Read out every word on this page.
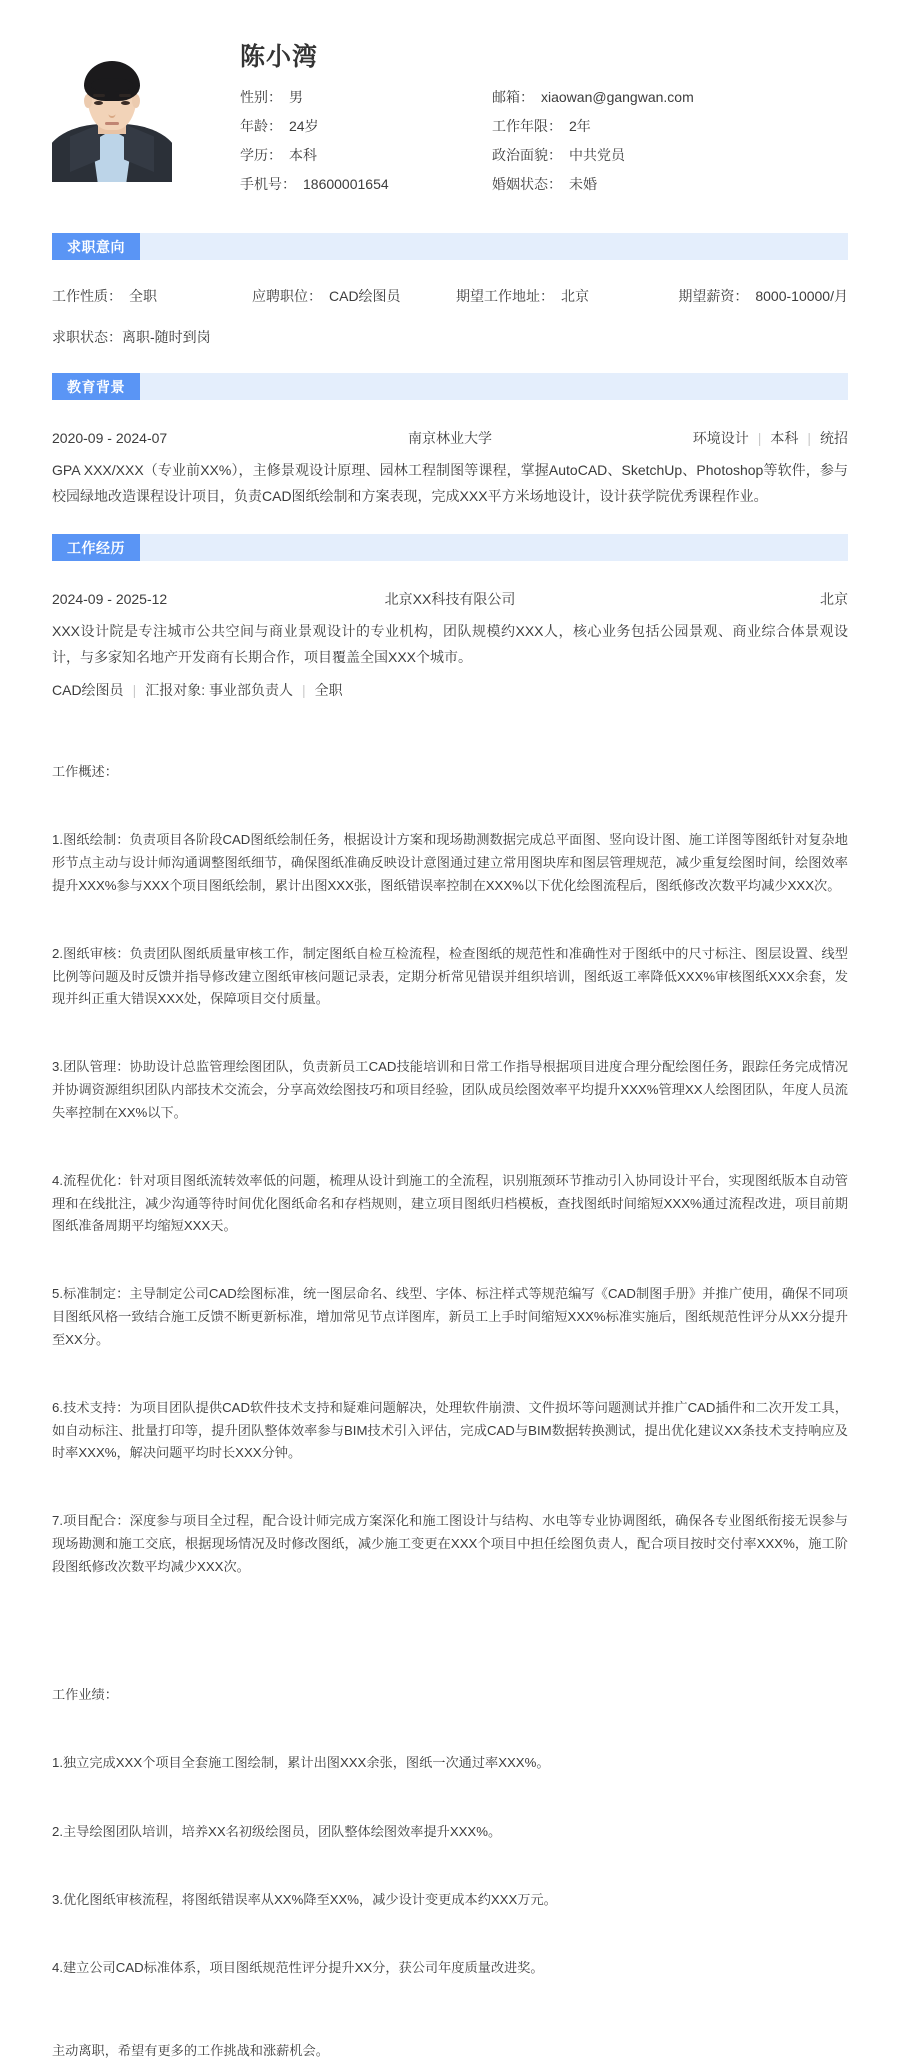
陈小湾
性别： 男	邮箱： xiaowan@gangwan.com
年龄： 24岁	工作年限： 2年
学历： 本科	政治面貌： 中共党员
手机号： 18600001654	婚姻状态： 未婚
求职意向
工作性质： 全职	应聘职位： CAD绘图员	期望工作地址： 北京	期望薪资： 8000-10000/月
求职状态：离职-随时到岗
教育背景
2020-09 - 2024-07	南京林业大学	环境设计 | 本科 | 统招
GPA XXX/XXX（专业前XX%），主修景观设计原理、园林工程制图等课程，掌握AutoCAD、SketchUp、Photoshop等软件，参与校园绿地改造课程设计项目，负责CAD图纸绘制和方案表现，完成XXX平方米场地设计，设计获学院优秀课程作业。
工作经历
2024-09 - 2025-12	北京XX科技有限公司	北京
XXX设计院是专注城市公共空间与商业景观设计的专业机构，团队规模约XXX人，核心业务包括公园景观、商业综合体景观设计，与多家知名地产开发商有长期合作，项目覆盖全国XXX个城市。
CAD绘图员 | 汇报对象: 事业部负责人 | 全职

工作概述：

1.图纸绘制：负责项目各阶段CAD图纸绘制任务，根据设计方案和现场勘测数据完成总平面图、竖向设计图、施工详图等图纸针对复杂地形节点主动与设计师沟通调整图纸细节，确保图纸准确反映设计意图通过建立常用图块库和图层管理规范，减少重复绘图时间，绘图效率提升XXX%参与XXX个项目图纸绘制，累计出图XXX张，图纸错误率控制在XXX%以下优化绘图流程后，图纸修改次数平均减少XXX次。

2.图纸审核：负责团队图纸质量审核工作，制定图纸自检互检流程，检查图纸的规范性和准确性对于图纸中的尺寸标注、图层设置、线型比例等问题及时反馈并指导修改建立图纸审核问题记录表，定期分析常见错误并组织培训，图纸返工率降低XXX%审核图纸XXX余套，发现并纠正重大错误XXX处，保障项目交付质量。

3.团队管理：协助设计总监管理绘图团队，负责新员工CAD技能培训和日常工作指导根据项目进度合理分配绘图任务，跟踪任务完成情况并协调资源组织团队内部技术交流会，分享高效绘图技巧和项目经验，团队成员绘图效率平均提升XXX%管理XX人绘图团队，年度人员流失率控制在XX%以下。

4.流程优化：针对项目图纸流转效率低的问题，梳理从设计到施工的全流程，识别瓶颈环节推动引入协同设计平台，实现图纸版本自动管理和在线批注，减少沟通等待时间优化图纸命名和存档规则，建立项目图纸归档模板，查找图纸时间缩短XXX%通过流程改进，项目前期图纸准备周期平均缩短XXX天。

5.标准制定：主导制定公司CAD绘图标准，统一图层命名、线型、字体、标注样式等规范编写《CAD制图手册》并推广使用，确保不同项目图纸风格一致结合施工反馈不断更新标准，增加常见节点详图库，新员工上手时间缩短XXX%标准实施后，图纸规范性评分从XX分提升至XX分。

6.技术支持：为项目团队提供CAD软件技术支持和疑难问题解决，处理软件崩溃、文件损坏等问题测试并推广CAD插件和二次开发工具，如自动标注、批量打印等，提升团队整体效率参与BIM技术引入评估，完成CAD与BIM数据转换测试，提出优化建议XX条技术支持响应及时率XXX%，解决问题平均时长XXX分钟。

7.项目配合：深度参与项目全过程，配合设计师完成方案深化和施工图设计与结构、水电等专业协调图纸，确保各专业图纸衔接无误参与现场勘测和施工交底，根据现场情况及时修改图纸，减少施工变更在XXX个项目中担任绘图负责人，配合项目按时交付率XXX%，施工阶段图纸修改次数平均减少XXX次。

工作业绩：

1.独立完成XXX个项目全套施工图绘制，累计出图XXX余张，图纸一次通过率XXX%。

2.主导绘图团队培训，培养XX名初级绘图员，团队整体绘图效率提升XXX%。

3.优化图纸审核流程，将图纸错误率从XX%降至XX%，减少设计变更成本约XXX万元。

4.建立公司CAD标准体系，项目图纸规范性评分提升XX分，获公司年度质量改进奖。

主动离职，希望有更多的工作挑战和涨薪机会。
